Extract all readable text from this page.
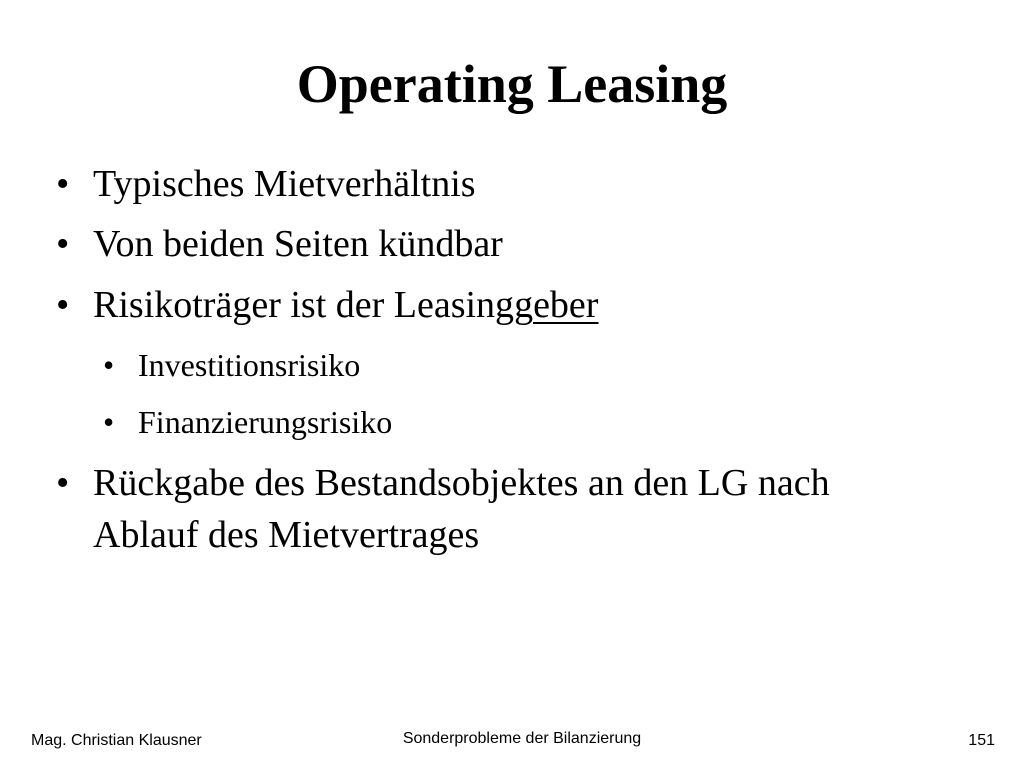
Operating Leasing
• Typisches Mietverhältnis
• Von beiden Seiten kündbar
• Risikoträger ist der Leasinggeber
• Investitionsrisiko
• Finanzierungsrisiko
• Rückgabe des Bestandsobjektes an den LG nach
Ablauf des Mietvertrages
Mag. Christian Klausner	Sonderprobleme der Bilanzierung	151
